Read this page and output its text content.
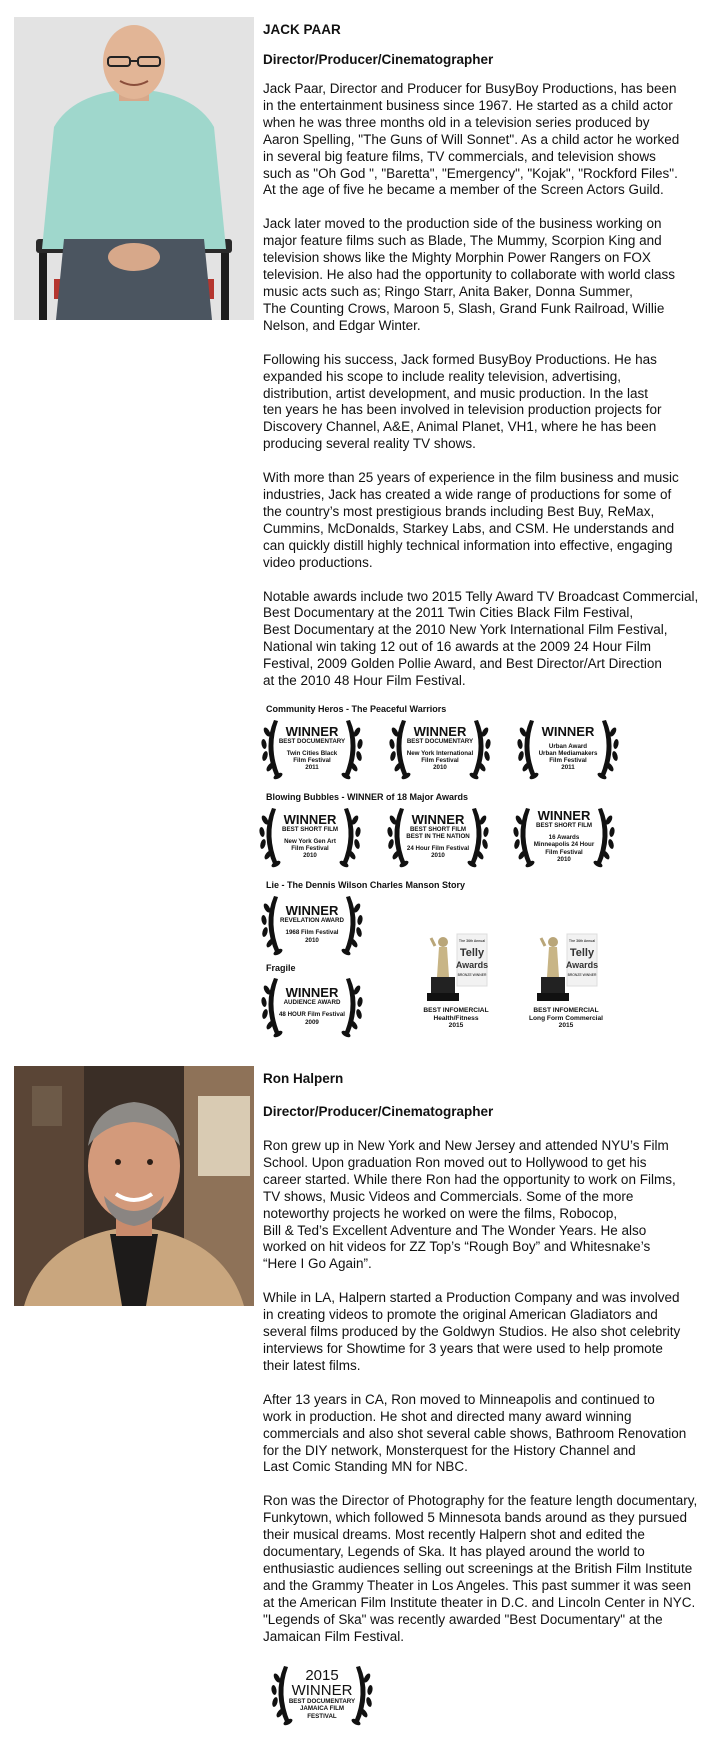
JACK PAAR

Director/Producer/Cinematographer

Jack Paar, Director and Producer for BusyBoy Productions, has been
in the entertainment business since 1967. He started as a child actor
when he was three months old in a television series produced by
Aaron Spelling, "The Guns of Will Sonnet". As a child actor he worked
in several big feature films, TV commercials, and television shows
such as "Oh God ", "Baretta", "Emergency", "Kojak", "Rockford Files".
At the age of five he became a member of the Screen Actors Guild.

Jack later moved to the production side of the business working on
major feature films such as Blade, The Mummy, Scorpion King and
television shows like the Mighty Morphin Power Rangers on FOX
television. He also had the opportunity to collaborate with world class
music acts such as; Ringo Starr, Anita Baker, Donna Summer,
The Counting Crows, Maroon 5, Slash, Grand Funk Railroad, Willie
Nelson, and Edgar Winter.

Following his success, Jack formed BusyBoy Productions. He has
expanded his scope to include reality television, advertising,
distribution, artist development, and music production. In the last
ten years he has been involved in television production projects for
Discovery Channel, A&E, Animal Planet, VH1, where he has been
producing several reality TV shows.

With more than 25 years of experience in the film business and music
industries, Jack has created a wide range of productions for some of
the country’s most prestigious brands including Best Buy, ReMax,
Cummins, McDonalds, Starkey Labs, and CSM. He understands and
can quickly distill highly technical information into effective, engaging
video productions.

Notable awards include two 2015 Telly Award TV Broadcast Commercial,
Best Documentary at the 2011 Twin Cities Black Film Festival,
Best Documentary at the 2010 New York International Film Festival,
National win taking 12 out of 16 awards at the 2009 24 Hour Film
Festival, 2009 Golden Pollie Award, and Best Director/Art Direction
at the 2010 48 Hour Film Festival.

Community Heros - The Peaceful Warriors
Blowing Bubbles - WINNER of 18 Major Awards
Lie - The Dennis Wilson Charles Manson Story
Fragile
WINNER
BEST DOCUMENTARY
Twin Cities Black
Film Festival
2011
WINNER
BEST DOCUMENTARY
New York International
Film Festival
2010
WINNER
Urban Award
Urban Mediamakers
Film Festival
2011
WINNER
BEST SHORT FILM
New York Gen Art
Film Festival
2010
WINNER
BEST SHORT FILM
BEST IN THE NATION
24 Hour Film Festival
2010
WINNER
BEST SHORT FILM
16 Awards
Minneapolis 24 Hour
Film Festival
2010
WINNER
REVELATION AWARD
1968 Film Festival
2010
WINNER
AUDIENCE AWARD
48 HOUR Film Festival
2009
The 36th Annual
Telly
Awards
BRONZE WINNER
BEST INFOMERCIAL
Health/Fitness
2015
The 36th Annual
Telly
Awards
BRONZE WINNER
BEST INFOMERCIAL
Long Form Commercial
2015

Ron Halpern

Director/Producer/Cinematographer

Ron grew up in New York and New Jersey and attended NYU’s Film
School. Upon graduation Ron moved out to Hollywood to get his
career started. While there Ron had the opportunity to work on Films,
TV shows, Music Videos and Commercials. Some of the more
noteworthy projects he worked on were the films, Robocop,
Bill & Ted’s Excellent Adventure and The Wonder Years. He also
worked on hit videos for ZZ Top’s “Rough Boy” and Whitesnake’s
“Here I Go Again”.

While in LA, Halpern started a Production Company and was involved
in creating videos to promote the original American Gladiators and
several films produced by the Goldwyn Studios. He also shot celebrity
interviews for Showtime for 3 years that were used to help promote
their latest films.

After 13 years in CA, Ron moved to Minneapolis and continued to
work in production. He shot and directed many award winning
commercials and also shot several cable shows, Bathroom Renovation
for the DIY network, Monsterquest for the History Channel and
Last Comic Standing MN for NBC.

Ron was the Director of Photography for the feature length documentary,
Funkytown, which followed 5 Minnesota bands around as they pursued
their musical dreams. Most recently Halpern shot and edited the
documentary, Legends of Ska. It has played around the world to
enthusiastic audiences selling out screenings at the British Film Institute
and the Grammy Theater in Los Angeles. This past summer it was seen
at the American Film Institute theater in D.C. and Lincoln Center in NYC.
"Legends of Ska" was recently awarded "Best Documentary" at the
Jamaican Film Festival.

2015
WINNER
BEST DOCUMENTARY
JAMAICA FILM
FESTIVAL
